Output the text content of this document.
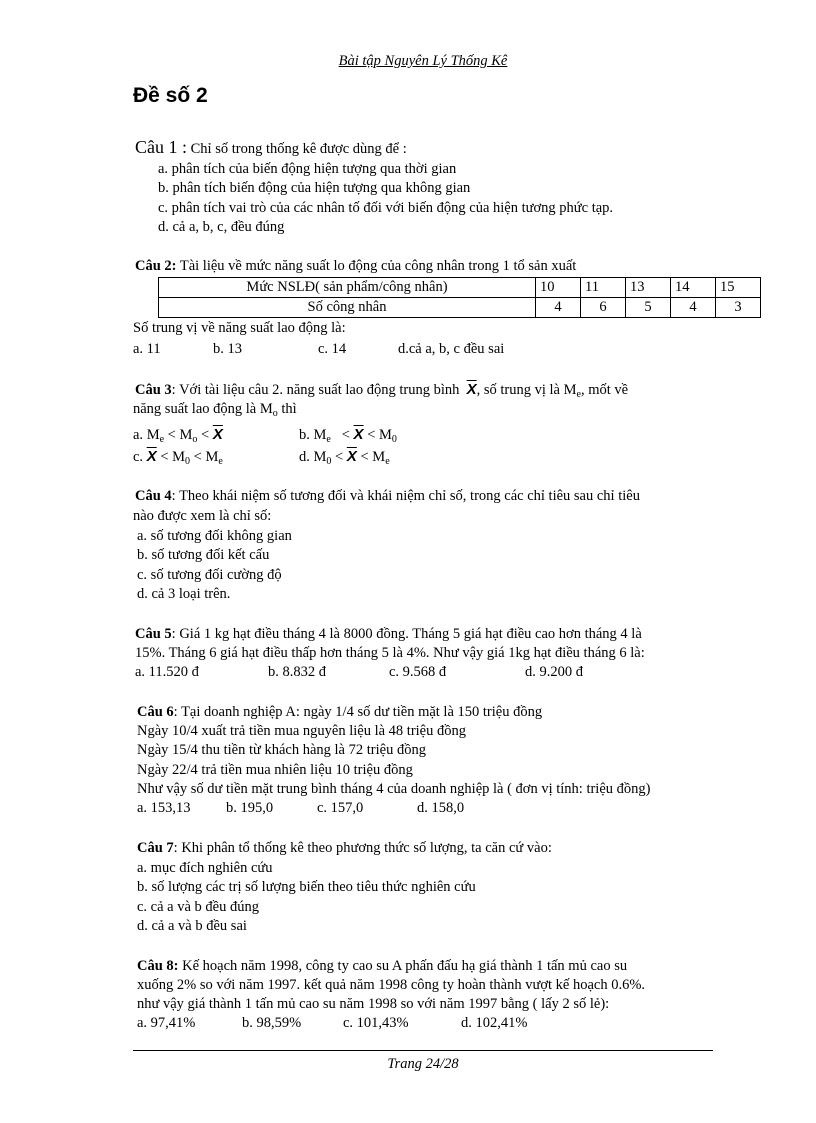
Bài tập Nguyên Lý Thống Kê
Đề số 2
Câu 1 : Chỉ số trong thống kê được dùng để :
a. phân tích của biến động hiện tượng qua thời gian
b. phân tích biến động của hiện tượng qua không gian
c. phân tích vai trò của các nhân tố đối với biến động của hiện tương phức tạp.
d. cả a, b, c, đều đúng
Câu 2: Tài liệu về mức năng suất lo động của công nhân trong 1 tổ sản xuất
Mức NSLĐ( sản phẩm/công nhân)	10	11	13	14	15
Số công nhân	4	6	5	4	3
Số trung vị về năng suất lao động là:
a. 11	b. 13	c. 14	d.cả a, b, c đều sai
Câu 3: Với tài liệu câu 2. năng suất lao động trung bình $\overline{X}$, số trung vị là $M_e$, mốt về
năng suất lao động là $M_o$ thì
a. $M_e < M_o < \overline{X}$	b. $M_e < \overline{X} < M_0$
c. $\overline{X} < M_0 < M_e$	d. $M_0 < \overline{X} < M_e$
Câu 4: Theo khái niệm số tương đối và khái niệm chỉ số, trong các chỉ tiêu sau chỉ tiêu
nào được xem là chỉ số:
a. số tương đối không gian
b. số tương đối kết cấu
c. số tương đối cường độ
d. cả 3 loại trên.
Câu 5: Giá 1 kg hạt điều tháng 4 là 8000 đồng. Tháng 5 giá hạt điều cao hơn tháng 4 là
15%. Tháng 6 giá hạt điều thấp hơn tháng 5 là 4%. Như vậy giá 1kg hạt điều tháng 6 là:
a. 11.520 đ	b. 8.832 đ	c. 9.568 đ	d. 9.200 đ
Câu 6: Tại doanh nghiệp A: ngày 1/4 số dư tiền mặt là 150 triệu đồng
Ngày 10/4 xuất trả tiền mua nguyên liệu là 48 triệu đồng
Ngày 15/4 thu tiền từ khách hàng là 72 triệu đồng
Ngày 22/4 trả tiền mua nhiên liệu 10 triệu đồng
Như vậy số dư tiền mặt trung bình tháng 4 của doanh nghiệp là ( đơn vị tính: triệu đồng)
a. 153,13 b. 195,0	c. 157,0	d. 158,0
Câu 7: Khi phân tổ thống kê theo phương thức số lượng, ta căn cứ vào:
a. mục đích nghiên cứu
b. số lượng các trị số lượng biến theo tiêu thức nghiên cứu
c. cả a và b đều đúng
d. cả a và b đều sai
Câu 8: Kế hoạch năm 1998, công ty cao su A phấn đấu hạ giá thành 1 tấn mủ cao su
xuống 2% so với năm 1997. kết quả năm 1998 công ty hoàn thành vượt kế hoạch 0.6%.
như vậy giá thành 1 tấn mủ cao su năm 1998 so với năm 1997 bằng ( lấy 2 số lẻ):
a. 97,41%	b. 98,59%	c. 101,43%	d. 102,41%
Trang 24/28
